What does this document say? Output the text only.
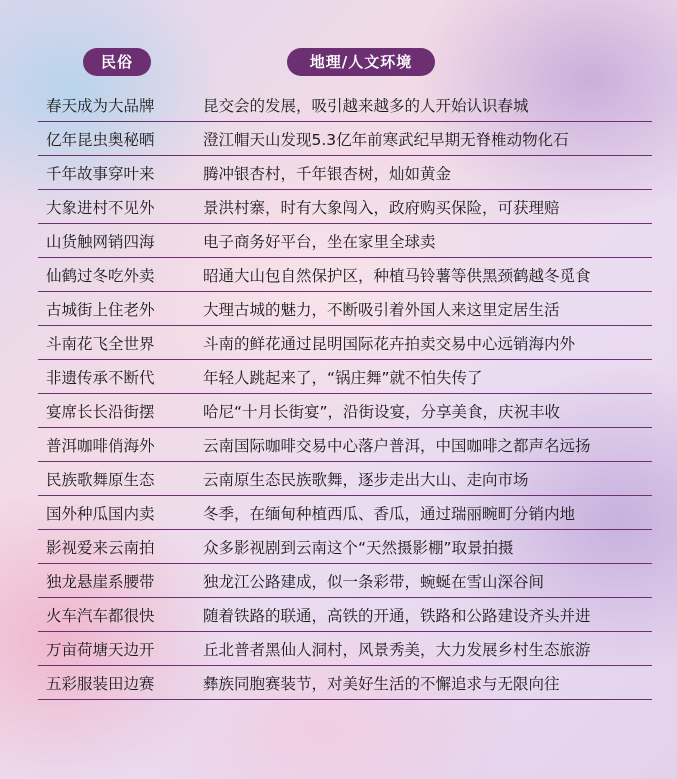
民俗	地理/人文环境
春天成为大品牌	昆交会的发展，吸引越来越多的人开始认识春城
亿年昆虫奥秘晒	澄江帽天山发现5.3亿年前寒武纪早期无脊椎动物化石
千年故事穿叶来	腾冲银杏村，千年银杏树，灿如黄金
大象进村不见外	景洪村寨，时有大象闯入，政府购买保险，可获理赔
山货触网销四海	电子商务好平台，坐在家里全球卖
仙鹤过冬吃外卖	昭通大山包自然保护区，种植马铃薯等供黑颈鹤越冬觅食
古城街上住老外	大理古城的魅力，不断吸引着外国人来这里定居生活
斗南花飞全世界	斗南的鲜花通过昆明国际花卉拍卖交易中心远销海内外
非遗传承不断代	年轻人跳起来了，“锅庄舞”就不怕失传了
宴席长长沿街摆	哈尼“十月长街宴”，沿街设宴，分享美食，庆祝丰收
普洱咖啡俏海外	云南国际咖啡交易中心落户普洱，中国咖啡之都声名远扬
民族歌舞原生态	云南原生态民族歌舞，逐步走出大山、走向市场
国外种瓜国内卖	冬季，在缅甸种植西瓜、香瓜，通过瑞丽畹町分销内地
影视爱来云南拍	众多影视剧到云南这个“天然摄影棚”取景拍摄
独龙悬崖系腰带	独龙江公路建成，似一条彩带，蜿蜒在雪山深谷间
火车汽车都很快	随着铁路的联通，高铁的开通，铁路和公路建设齐头并进
万亩荷塘天边开	丘北普者黑仙人洞村，风景秀美，大力发展乡村生态旅游
五彩服装田边赛	彝族同胞赛装节，对美好生活的不懈追求与无限向往
